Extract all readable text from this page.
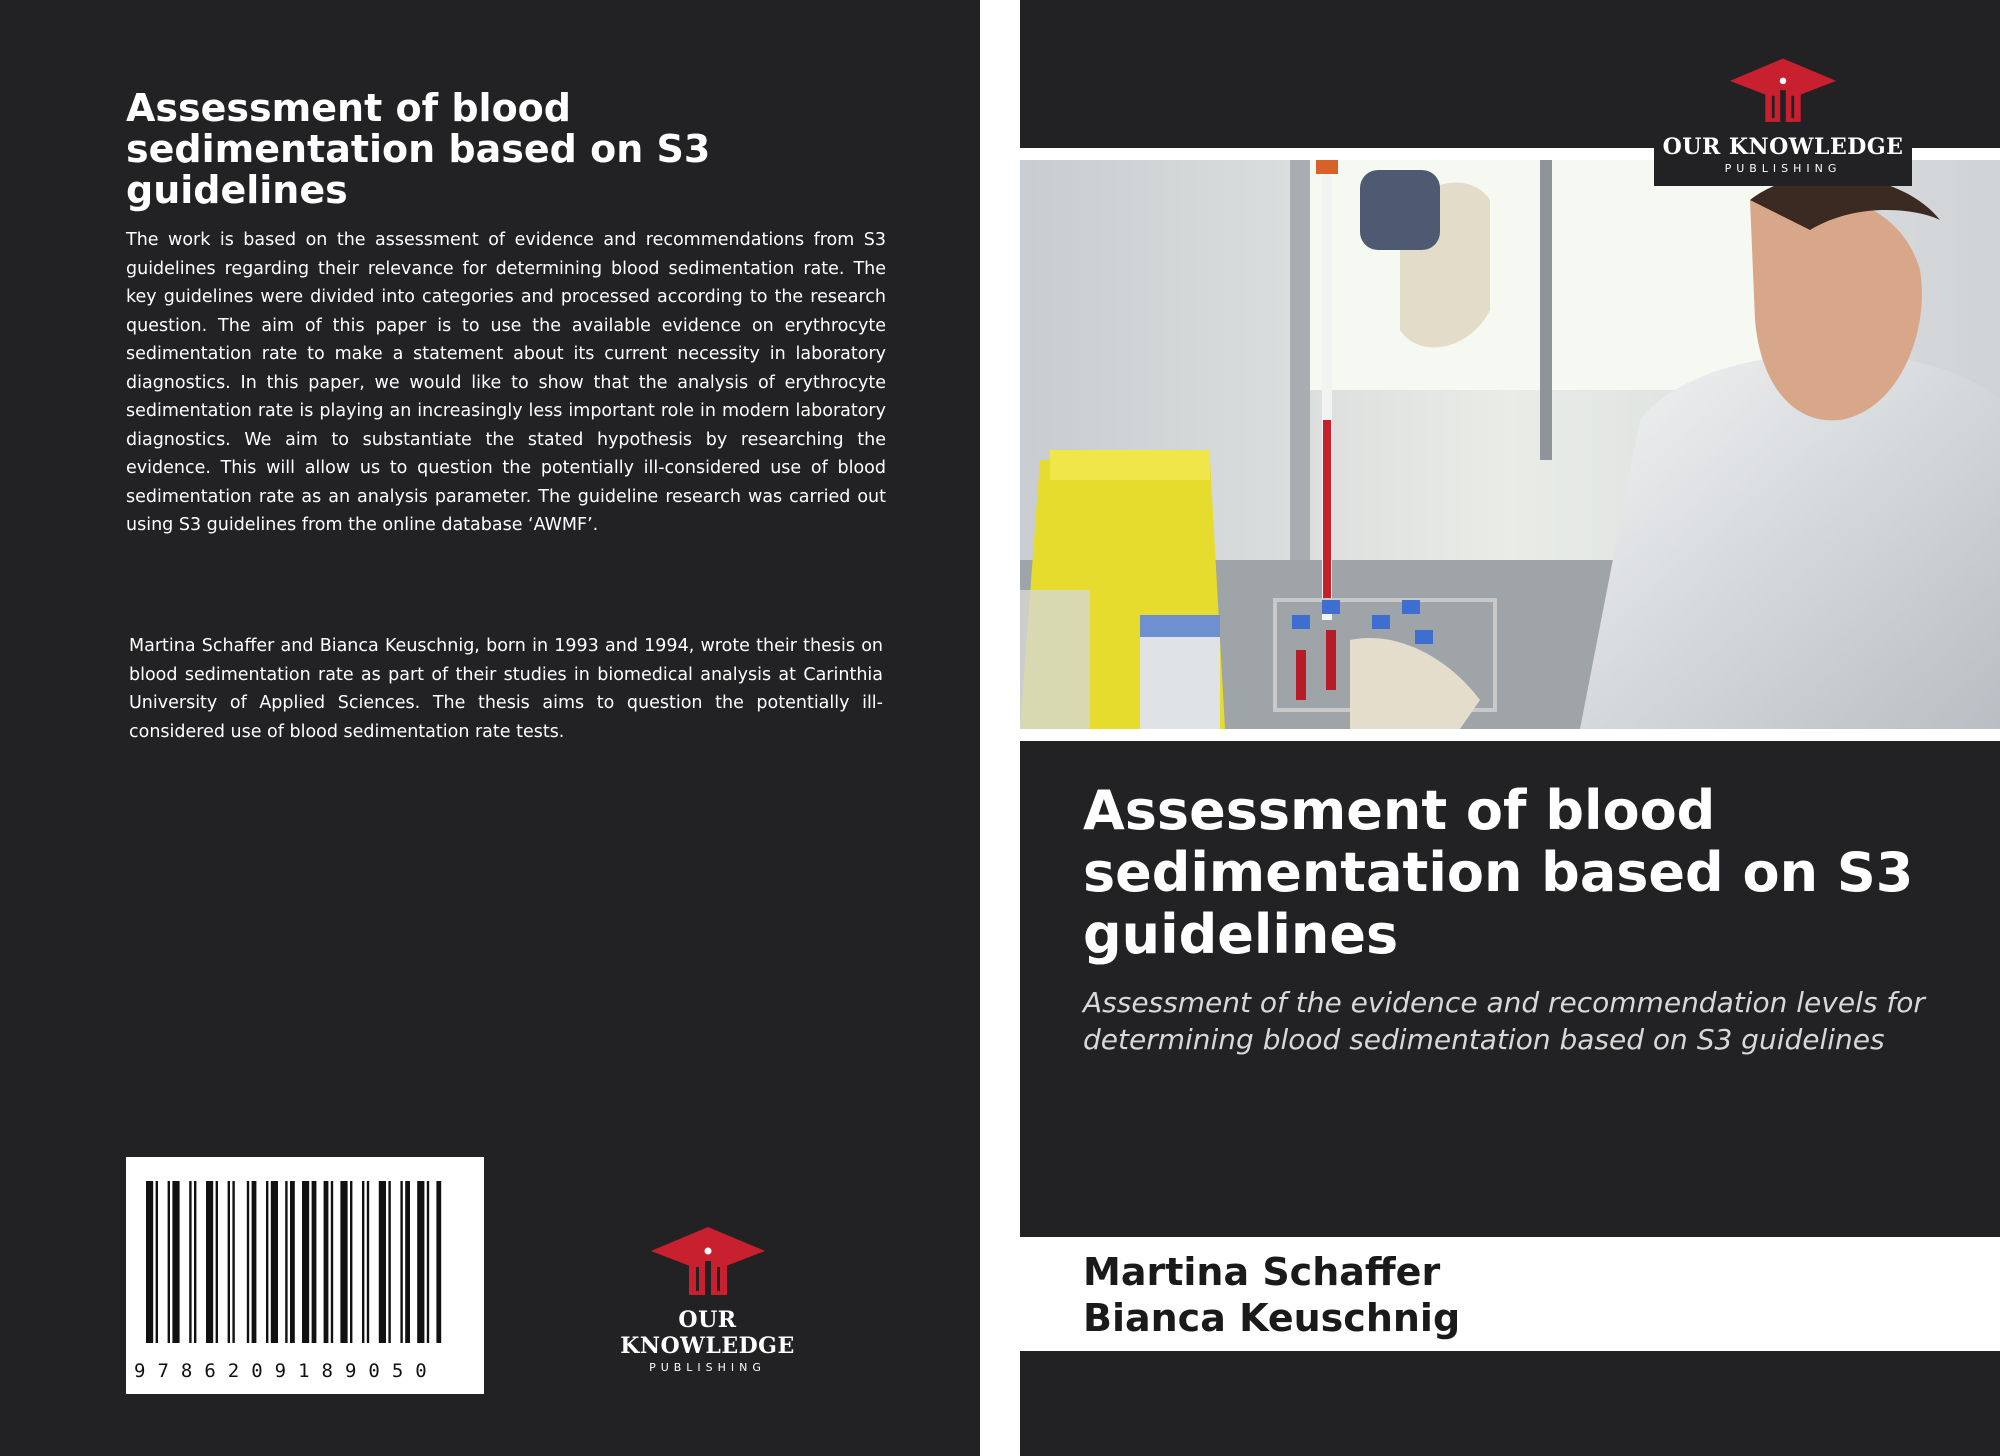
Assessment of blood sedimentation based on S3 guidelines

The work is based on the assessment of evidence and recommendations from S3 guidelines regarding their relevance for determining blood sedimentation rate. The key guidelines were divided into categories and processed according to the research question. The aim of this paper is to use the available evidence on erythrocyte sedimentation rate to make a statement about its current necessity in laboratory diagnostics. In this paper, we would like to show that the analysis of erythrocyte sedimentation rate is playing an increasingly less important role in modern laboratory diagnostics. We aim to substantiate the stated hypothesis by researching the evidence. This will allow us to question the potentially ill-considered use of blood sedimentation rate as an analysis parameter. The guideline research was carried out using S3 guidelines from the online database ‘AWMF’.

Martina Schaffer and Bianca Keuschnig, born in 1993 and 1994, wrote their thesis on blood sedimentation rate as part of their studies in biomedical analysis at Carinthia University of Applied Sciences. The thesis aims to question the potentially ill-considered use of blood sedimentation rate tests.

9786209189050
OUR KNOWLEDGE
PUBLISHING
OUR KNOWLEDGE
PUBLISHING
Assessment of blood sedimentation based on S3 guidelines

Assessment of the evidence and recommendation levels for determining blood sedimentation based on S3 guidelines

Martina Schaffer

Bianca Keuschnig
